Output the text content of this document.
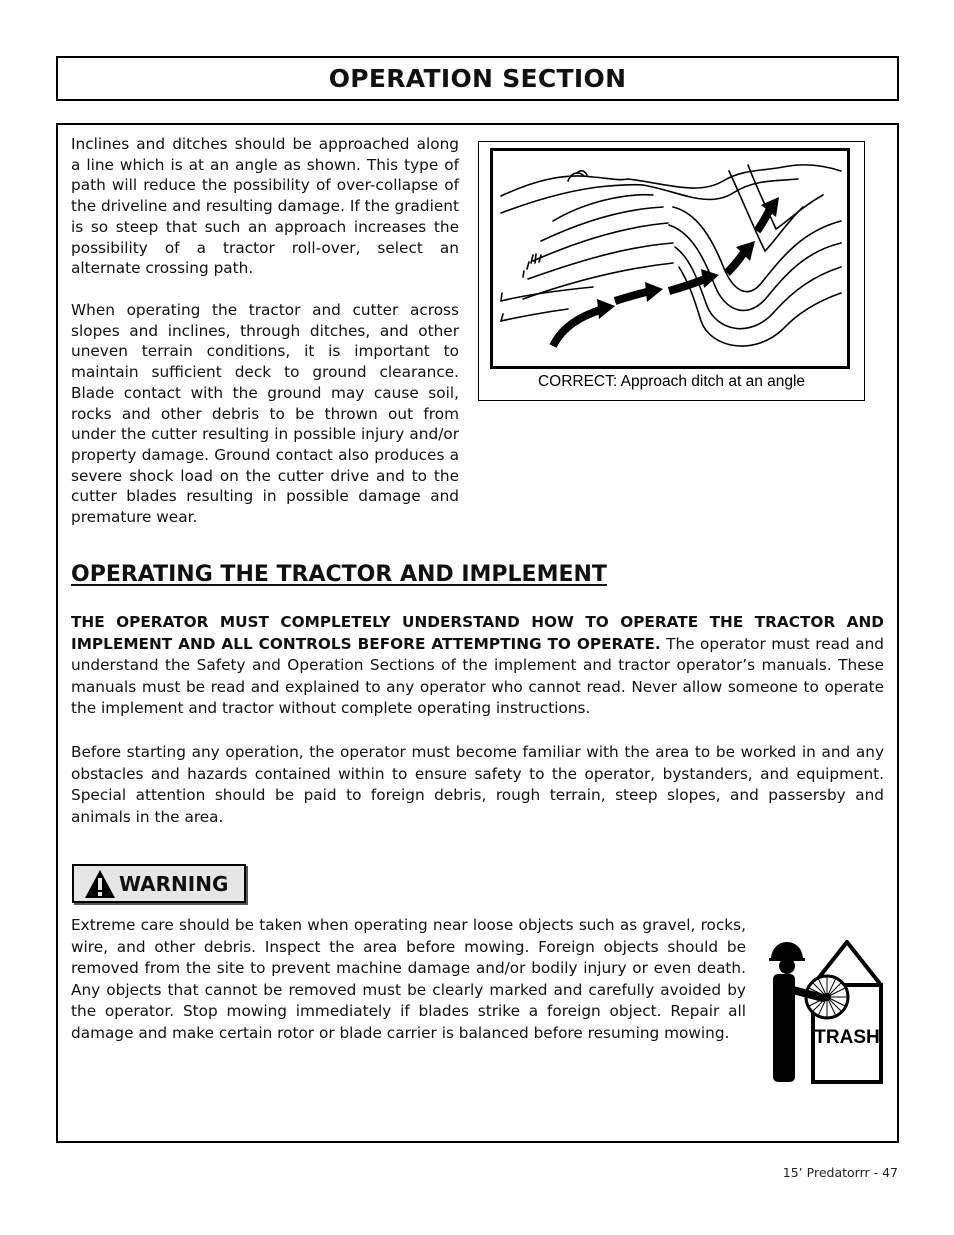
OPERATION SECTION

Inclines and ditches should be approached along a line which is at an angle as shown. This type of path will reduce the possibility of over-collapse of the driveline and resulting damage. If the gradient is so steep that such an approach increases the possibility of a tractor roll-over, select an alternate crossing path.

When operating the tractor and cutter across slopes and inclines, through ditches, and other uneven terrain conditions, it is important to maintain sufficient deck to ground clearance. Blade contact with the ground may cause soil, rocks and other debris to be thrown out from under the cutter resulting in possible injury and/or property damage. Ground contact also produces a severe shock load on the cutter drive and to the cutter blades resulting in possible damage and premature wear.

CORRECT: Approach ditch at an angle
OPERATING THE TRACTOR AND IMPLEMENT

THE OPERATOR MUST COMPLETELY UNDERSTAND HOW TO OPERATE THE TRACTOR AND IMPLEMENT AND ALL CONTROLS BEFORE ATTEMPTING TO OPERATE. The operator must read and understand the Safety and Operation Sections of the implement and tractor operator’s manuals. These manuals must be read and explained to any operator who cannot read. Never allow someone to operate the implement and tractor without complete operating instructions.

Before starting any operation, the operator must become familiar with the area to be worked in and any obstacles and hazards contained within to ensure safety to the operator, bystanders, and equipment. Special attention should be paid to foreign debris, rough terrain, steep slopes, and passersby and animals in the area.

WARNING

Extreme care should be taken when operating near loose objects such as gravel, rocks, wire, and other debris. Inspect the area before mowing. Foreign objects should be removed from the site to prevent machine damage and/or bodily injury or even death. Any objects that cannot be removed must be clearly marked and carefully avoided by the operator. Stop mowing immediately if blades strike a foreign object. Repair all damage and make certain rotor or blade carrier is balanced before resuming mowing.	TRASH
15’ Predatorrr - 47
